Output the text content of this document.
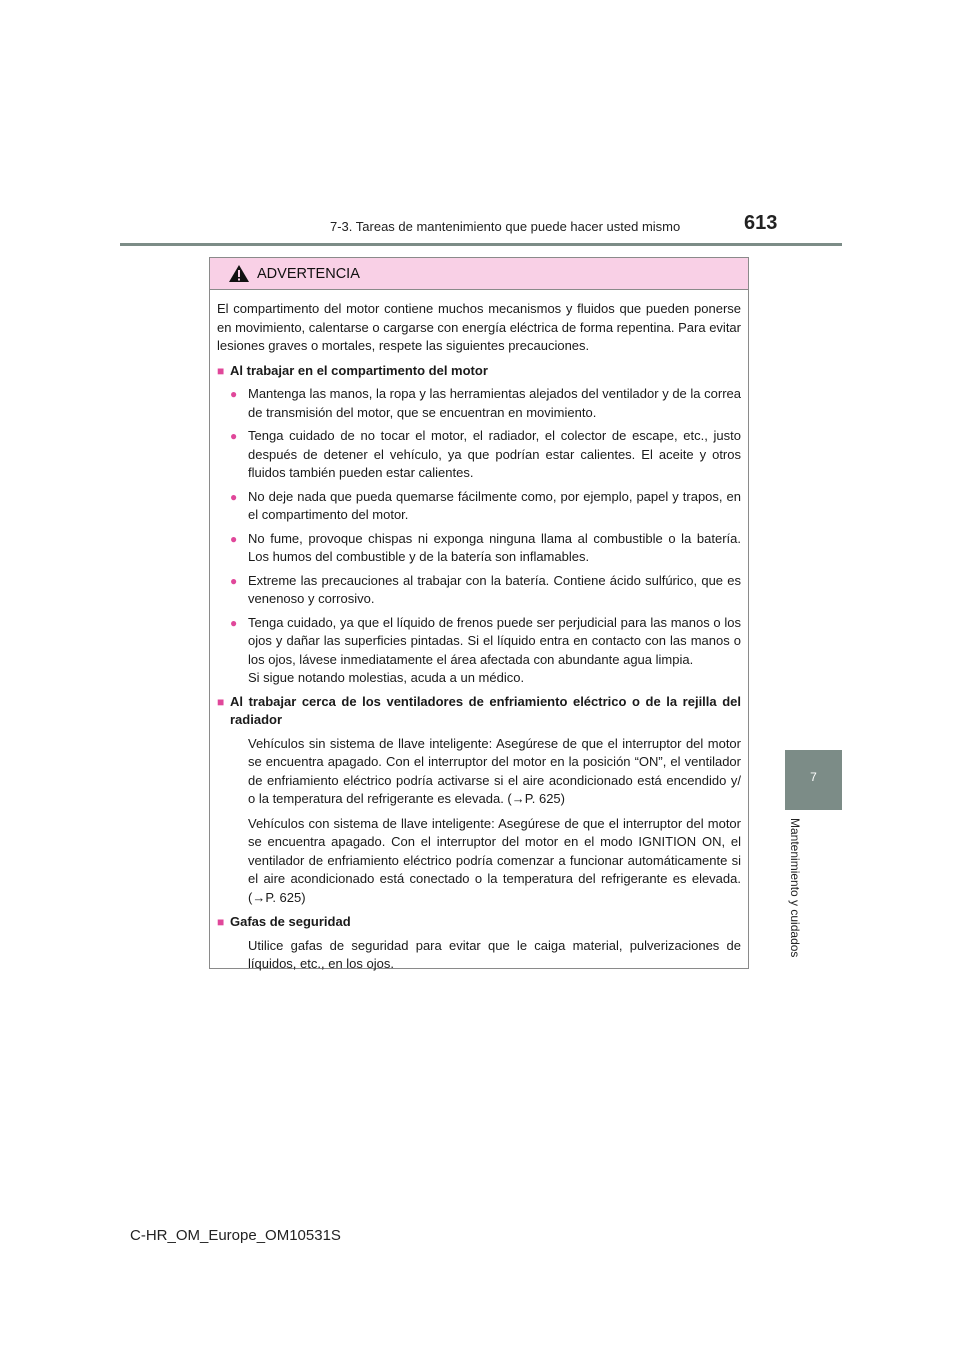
7-3. Tareas de mantenimiento que puede hacer usted mismo	613
7
Mantenimiento y cuidados
ADVERTENCIA

El compartimento del motor contiene muchos mecanismos y fluidos que pueden ponerse en movimiento, calentarse o cargarse con energía eléctrica de forma repentina. Para evitar lesiones graves o mortales, respete las siguientes precauciones.

■ Al trabajar en el compartimento del motor
● Mantenga las manos, la ropa y las herramientas alejados del ventilador y de la correa de transmisión del motor, que se encuentran en movimiento.
● Tenga cuidado de no tocar el motor, el radiador, el colector de escape, etc., justo después de detener el vehículo, ya que podrían estar calientes. El aceite y otros fluidos también pueden estar calientes.
● No deje nada que pueda quemarse fácilmente como, por ejemplo, papel y trapos, en el compartimento del motor.
● No fume, provoque chispas ni exponga ninguna llama al combustible o la batería. Los humos del combustible y de la batería son inflamables.
● Extreme las precauciones al trabajar con la batería. Contiene ácido sulfúrico, que es venenoso y corrosivo.
● Tenga cuidado, ya que el líquido de frenos puede ser perjudicial para las manos o los ojos y dañar las superficies pintadas. Si el líquido entra en contacto con las manos o los ojos, lávese inmediatamente el área afectada con abundante agua limpia.
Si sigue notando molestias, acuda a un médico.
■ Al trabajar cerca de los ventiladores de enfriamiento eléctrico o de la rejilla del radiador

Vehículos sin sistema de llave inteligente: Asegúrese de que el interruptor del motor se encuentra apagado. Con el interruptor del motor en la posición “ON”, el ventilador de enfriamiento eléctrico podría activarse si el aire acondicionado está encendido y/ o la temperatura del refrigerante es elevada. (→P. 625)

Vehículos con sistema de llave inteligente: Asegúrese de que el interruptor del motor se encuentra apagado. Con el interruptor del motor en el modo IGNITION ON, el ventilador de enfriamiento eléctrico podría comenzar a funcionar automáticamente si el aire acondicionado está conectado o la temperatura del refrigerante es elevada. (→P. 625)

■ Gafas de seguridad

Utilice gafas de seguridad para evitar que le caiga material, pulverizaciones de líquidos, etc., en los ojos.

C-HR_OM_Europe_OM10531S
